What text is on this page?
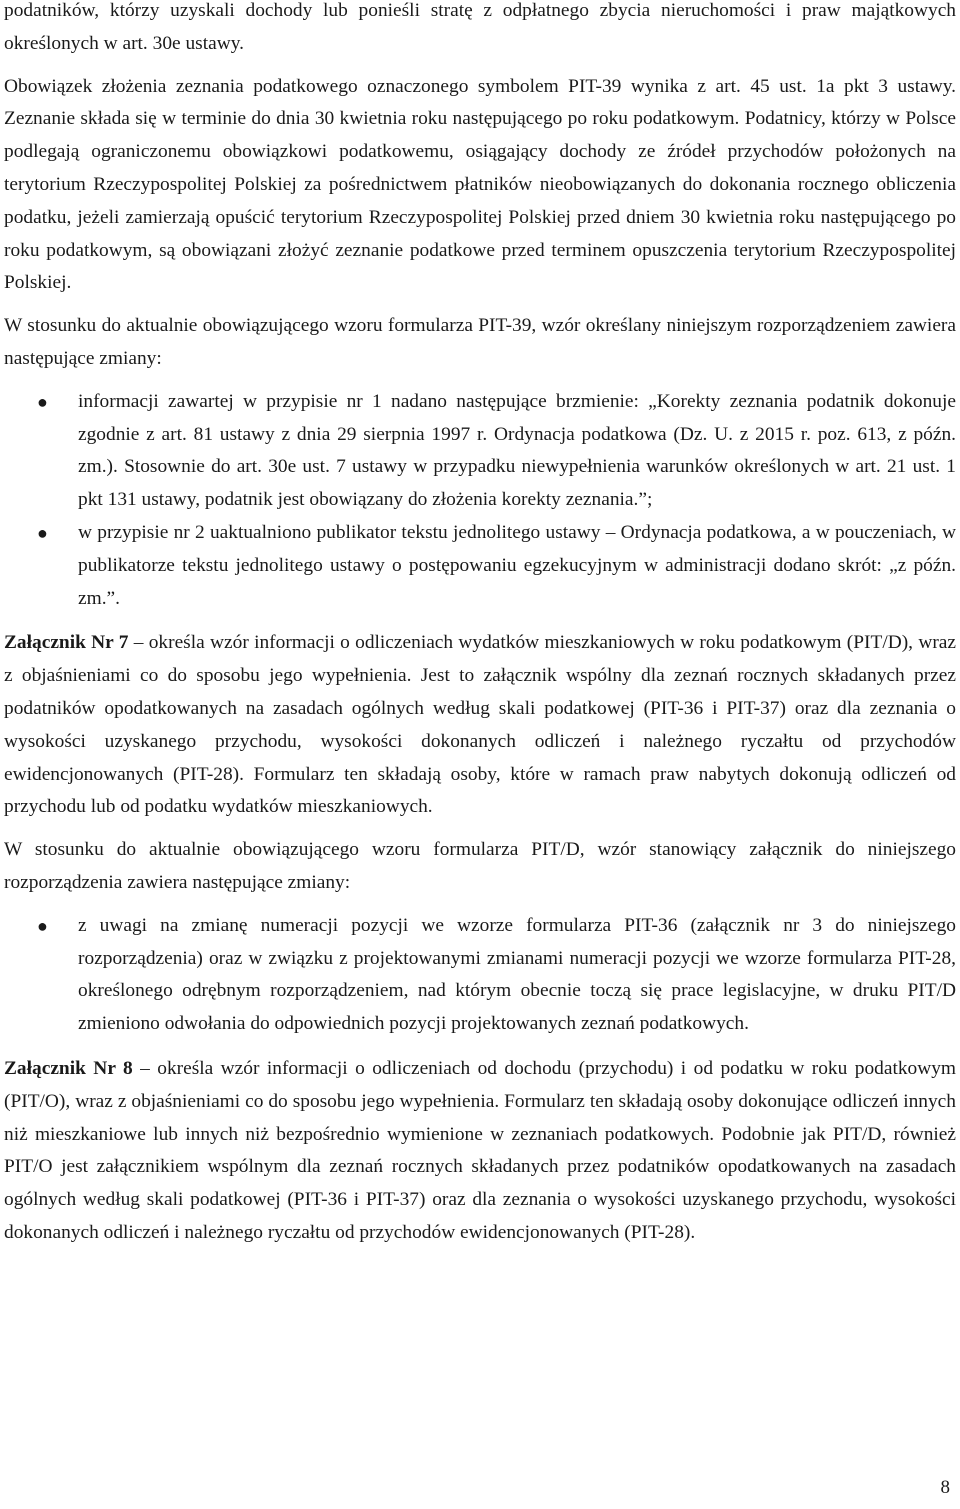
podatników, którzy uzyskali dochody lub ponieśli stratę z odpłatnego zbycia nieruchomości i praw majątkowych określonych w art. 30e ustawy.

Obowiązek złożenia zeznania podatkowego oznaczonego symbolem PIT-39 wynika z art. 45 ust. 1a pkt 3 ustawy. Zeznanie składa się w terminie do dnia 30 kwietnia roku następującego po roku podatkowym. Podatnicy, którzy w Polsce podlegają ograniczonemu obowiązkowi podatkowemu, osiągający dochody ze źródeł przychodów położonych na terytorium Rzeczypospolitej Polskiej za pośrednictwem płatników nieobowiązanych do dokonania rocznego obliczenia podatku, jeżeli zamierzają opuścić terytorium Rzeczypospolitej Polskiej przed dniem 30 kwietnia roku następującego po roku podatkowym, są obowiązani złożyć zeznanie podatkowe przed terminem opuszczenia terytorium Rzeczypospolitej Polskiej.

W stosunku do aktualnie obowiązującego wzoru formularza PIT-39, wzór określany niniejszym rozporządzeniem zawiera następujące zmiany:

● informacji zawartej w przypisie nr 1 nadano następujące brzmienie: „Korekty zeznania podatnik dokonuje zgodnie z art. 81 ustawy z dnia 29 sierpnia 1997 r. Ordynacja podatkowa (Dz. U. z 2015 r. poz. 613, z późn. zm.). Stosownie do art. 30e ust. 7 ustawy w przypadku niewypełnienia warunków określonych w art. 21 ust. 1 pkt 131 ustawy, podatnik jest obowiązany do złożenia korekty zeznania.”;
● w przypisie nr 2 uaktualniono publikator tekstu jednolitego ustawy – Ordynacja podatkowa, a w pouczeniach, w publikatorze tekstu jednolitego ustawy o postępowaniu egzekucyjnym w administracji dodano skrót: „z późn. zm.”.

Załącznik Nr 7 – określa wzór informacji o odliczeniach wydatków mieszkaniowych w roku podatkowym (PIT/D), wraz z objaśnieniami co do sposobu jego wypełnienia. Jest to załącznik wspólny dla zeznań rocznych składanych przez podatników opodatkowanych na zasadach ogólnych według skali podatkowej (PIT-36 i PIT-37) oraz dla zeznania o wysokości uzyskanego przychodu, wysokości dokonanych odliczeń i należnego ryczałtu od przychodów ewidencjonowanych (PIT-28). Formularz ten składają osoby, które w ramach praw nabytych dokonują odliczeń od przychodu lub od podatku wydatków mieszkaniowych.

W stosunku do aktualnie obowiązującego wzoru formularza PIT/D, wzór stanowiący załącznik do niniejszego rozporządzenia zawiera następujące zmiany:

● z uwagi na zmianę numeracji pozycji we wzorze formularza PIT-36 (załącznik nr 3 do niniejszego rozporządzenia) oraz w związku z projektowanymi zmianami numeracji pozycji we wzorze formularza PIT-28, określonego odrębnym rozporządzeniem, nad którym obecnie toczą się prace legislacyjne, w druku PIT/D zmieniono odwołania do odpowiednich pozycji projektowanych zeznań podatkowych.

Załącznik Nr 8 – określa wzór informacji o odliczeniach od dochodu (przychodu) i od podatku w roku podatkowym (PIT/O), wraz z objaśnieniami co do sposobu jego wypełnienia. Formularz ten składają osoby dokonujące odliczeń innych niż mieszkaniowe lub innych niż bezpośrednio wymienione w zeznaniach podatkowych. Podobnie jak PIT/D, również PIT/O jest załącznikiem wspólnym dla zeznań rocznych składanych przez podatników opodatkowanych na zasadach ogólnych według skali podatkowej (PIT-36 i PIT-37) oraz dla zeznania o wysokości uzyskanego przychodu, wysokości dokonanych odliczeń i należnego ryczałtu od przychodów ewidencjonowanych (PIT-28).

8
